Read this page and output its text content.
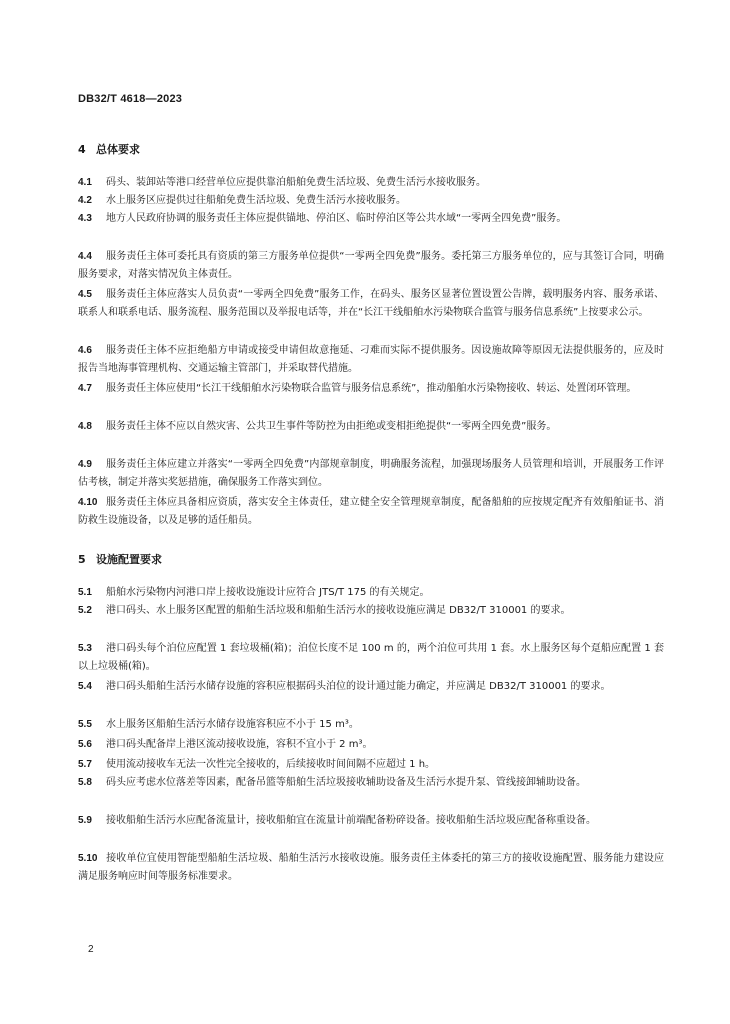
DB32/T 4618—2023
4 总体要求
4.1 码头、装卸站等港口经营单位应提供靠泊船舶免费生活垃圾、免费生活污水接收服务。
4.2 水上服务区应提供过往船舶免费生活垃圾、免费生活污水接收服务。
4.3 地方人民政府协调的服务责任主体应提供锚地、停泊区、临时停泊区等公共水域“一零两全四免费”服务。
4.4 服务责任主体可委托具有资质的第三方服务单位提供“一零两全四免费”服务。委托第三方服务单位的，应与其签订合同，明确服务要求，对落实情况负主体责任。
4.5 服务责任主体应落实人员负责“一零两全四免费”服务工作，在码头、服务区显著位置设置公告牌，载明服务内容、服务承诺、联系人和联系电话、服务流程、服务范围以及举报电话等，并在“长江干线船舶水污染物联合监管与服务信息系统”上按要求公示。
4.6 服务责任主体不应拒绝船方申请或接受申请但故意拖延、刁难而实际不提供服务。因设施故障等原因无法提供服务的，应及时报告当地海事管理机构、交通运输主管部门，并采取替代措施。
4.7 服务责任主体应使用“长江干线船舶水污染物联合监管与服务信息系统”，推动船舶水污染物接收、转运、处置闭环管理。
4.8 服务责任主体不应以自然灾害、公共卫生事件等防控为由拒绝或变相拒绝提供“一零两全四免费”服务。
4.9 服务责任主体应建立并落实“一零两全四免费”内部规章制度，明确服务流程，加强现场服务人员管理和培训，开展服务工作评估考核，制定并落实奖惩措施，确保服务工作落实到位。
4.10 服务责任主体应具备相应资质，落实安全主体责任，建立健全安全管理规章制度，配备船舶的应按规定配齐有效船舶证书、消防救生设施设备，以及足够的适任船员。
5 设施配置要求
5.1 船舶水污染物内河港口岸上接收设施设计应符合 JTS/T 175 的有关规定。
5.2 港口码头、水上服务区配置的船舶生活垃圾和船舶生活污水的接收设施应满足 DB32/T 310001 的要求。
5.3 港口码头每个泊位应配置 1 套垃圾桶(箱)；泊位长度不足 100 m 的，两个泊位可共用 1 套。水上服务区每个趸船应配置 1 套以上垃圾桶(箱)。
5.4 港口码头船舶生活污水储存设施的容积应根据码头泊位的设计通过能力确定，并应满足 DB32/T 310001 的要求。
5.5 水上服务区船舶生活污水储存设施容积应不小于 15 m³。
5.6 港口码头配备岸上港区流动接收设施，容积不宜小于 2 m³。
5.7 使用流动接收车无法一次性完全接收的，后续接收时间间隔不应超过 1 h。
5.8 码头应考虑水位落差等因素，配备吊篮等船舶生活垃圾接收辅助设备及生活污水提升泵、管线接卸辅助设备。
5.9 接收船舶生活污水应配备流量计，接收船舶宜在流量计前端配备粉碎设备。接收船舶生活垃圾应配备称重设备。
5.10 接收单位宜使用智能型船舶生活垃圾、船舶生活污水接收设施。服务责任主体委托的第三方的接收设施配置、服务能力建设应满足服务响应时间等服务标准要求。
2
